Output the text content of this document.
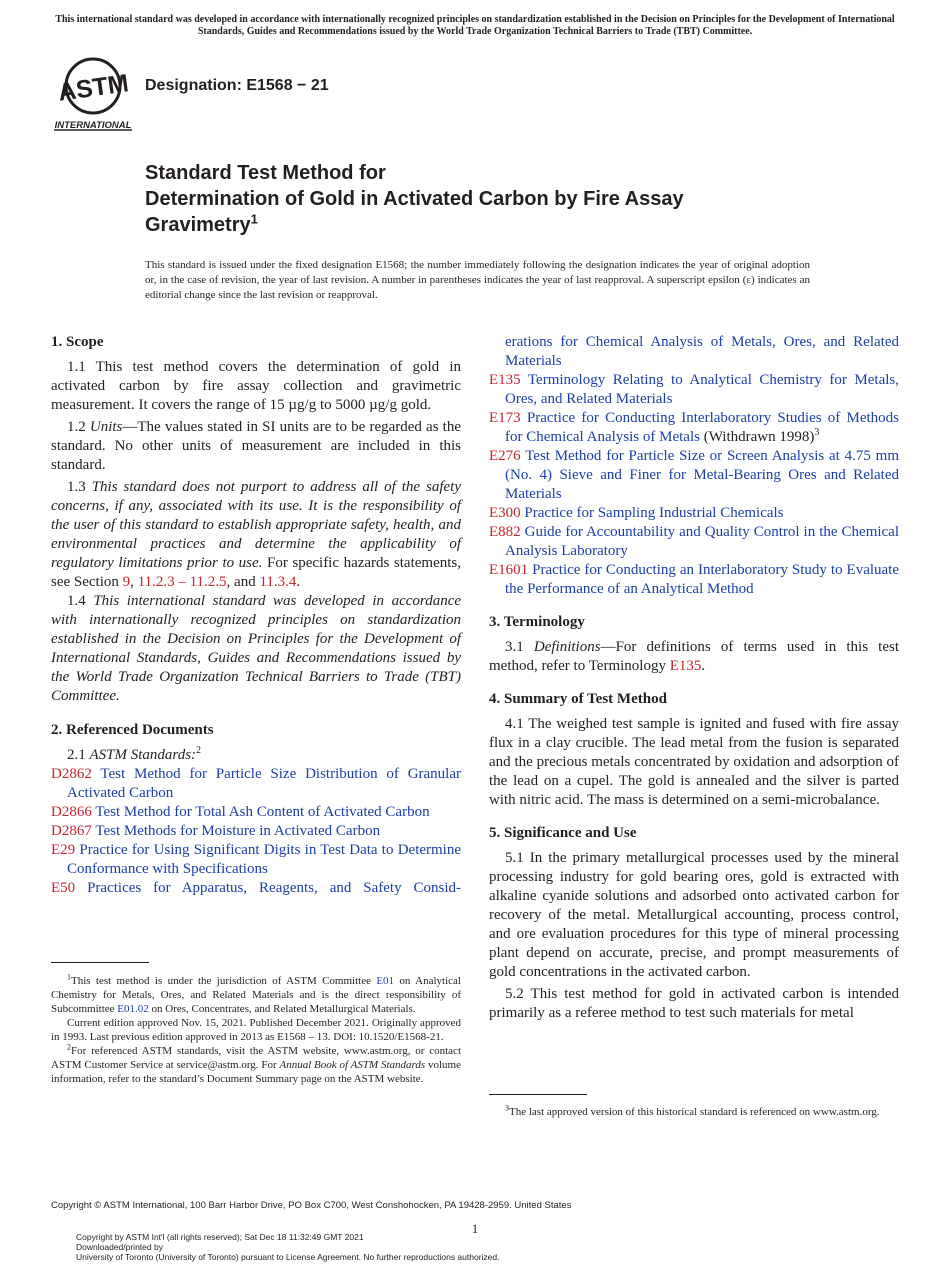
This international standard was developed in accordance with internationally recognized principles on standardization established in the Decision on Principles for the Development of International Standards, Guides and Recommendations issued by the World Trade Organization Technical Barriers to Trade (TBT) Committee.
ASTM
INTERNATIONAL
Designation: E1568 − 21
Standard Test Method for
Determination of Gold in Activated Carbon by Fire Assay
Gravimetry$^1$
This standard is issued under the fixed designation E1568; the number immediately following the designation indicates the year of original adoption or, in the case of revision, the year of last revision. A number in parentheses indicates the year of last reapproval. A superscript epsilon (ε) indicates an editorial change since the last revision or reapproval.
1. Scope

1.1 This test method covers the determination of gold in activated carbon by fire assay collection and gravimetric measurement. It covers the range of 15 µg/g to 5000 µg/g gold.

1.2 Units—The values stated in SI units are to be regarded as the standard. No other units of measurement are included in this standard.

1.3 This standard does not purport to address all of the safety concerns, if any, associated with its use. It is the responsibility of the user of this standard to establish appropriate safety, health, and environmental practices and determine the applicability of regulatory limitations prior to use. For specific hazards statements, see Section 9, 11.2.3 – 11.2.5, and 11.3.4.

1.4 This international standard was developed in accordance with internationally recognized principles on standardization established in the Decision on Principles for the Development of International Standards, Guides and Recommendations issued by the World Trade Organization Technical Barriers to Trade (TBT) Committee.

2. Referenced Documents

2.1 ASTM Standards:$^2$

D2862 Test Method for Particle Size Distribution of Granular Activated Carbon

D2866 Test Method for Total Ash Content of Activated Carbon

D2867 Test Methods for Moisture in Activated Carbon

E29 Practice for Using Significant Digits in Test Data to Determine Conformance with Specifications

E50 Practices for Apparatus, Reagents, and Safety Consid-

$^1$This test method is under the jurisdiction of ASTM Committee E01 on Analytical Chemistry for Metals, Ores, and Related Materials and is the direct responsibility of Subcommittee E01.02 on Ores, Concentrates, and Related Metallurgical Materials.

Current edition approved Nov. 15, 2021. Published December 2021. Originally approved in 1993. Last previous edition approved in 2013 as E1568 – 13. DOI: 10.1520/E1568-21.

$^2$For referenced ASTM standards, visit the ASTM website, www.astm.org, or contact ASTM Customer Service at service@astm.org. For Annual Book of ASTM Standards volume information, refer to the standard’s Document Summary page on the ASTM website.

erations for Chemical Analysis of Metals, Ores, and Related Materials

E135 Terminology Relating to Analytical Chemistry for Metals, Ores, and Related Materials

E173 Practice for Conducting Interlaboratory Studies of Methods for Chemical Analysis of Metals (Withdrawn 1998)$^3$

E276 Test Method for Particle Size or Screen Analysis at 4.75 mm (No. 4) Sieve and Finer for Metal-Bearing Ores and Related Materials

E300 Practice for Sampling Industrial Chemicals

E882 Guide for Accountability and Quality Control in the Chemical Analysis Laboratory

E1601 Practice for Conducting an Interlaboratory Study to Evaluate the Performance of an Analytical Method

3. Terminology

3.1 Definitions—For definitions of terms used in this test method, refer to Terminology E135.

4. Summary of Test Method

4.1 The weighed test sample is ignited and fused with fire assay flux in a clay crucible. The lead metal from the fusion is separated and the precious metals concentrated by oxidation and adsorption of the lead on a cupel. The gold is annealed and the silver is parted with nitric acid. The mass is determined on a semi-microbalance.

5. Significance and Use

5.1 In the primary metallurgical processes used by the mineral processing industry for gold bearing ores, gold is extracted with alkaline cyanide solutions and adsorbed onto activated carbon for recovery of the metal. Metallurgical accounting, process control, and ore evaluation procedures for this type of mineral processing plant depend on accurate, precise, and prompt measurements of gold concentrations in the activated carbon.

5.2 This test method for gold in activated carbon is intended primarily as a referee method to test such materials for metal

$^3$The last approved version of this historical standard is referenced on www.astm.org.

Copyright © ASTM International, 100 Barr Harbor Drive, PO Box C700, West Conshohocken, PA 19428-2959. United States
1
Copyright by ASTM Int'l (all rights reserved); Sat Dec 18 11:32:49 GMT 2021
Downloaded/printed by
University of Toronto (University of Toronto) pursuant to License Agreement. No further reproductions authorized.
